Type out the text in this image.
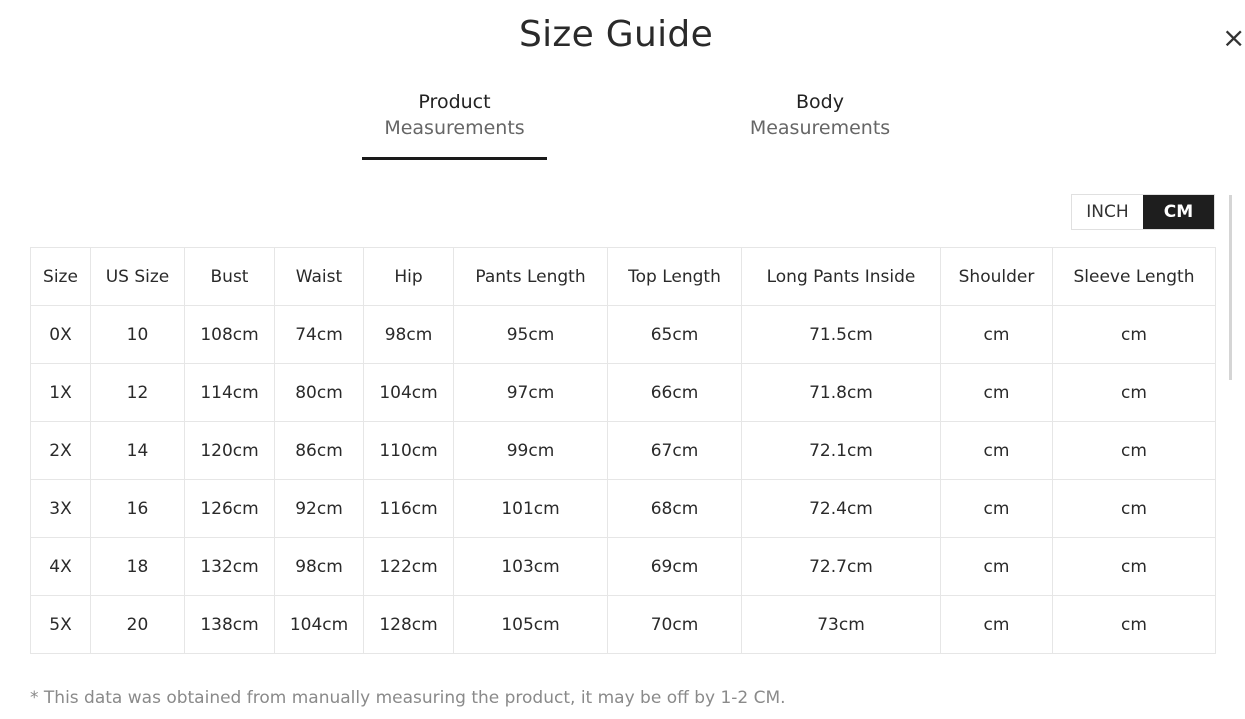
Size Guide	×
Product
Measurements
Body
Measurements
INCH	CM
Size	US Size	Bust	Waist	Hip	Pants Length	Top Length	Long Pants Inside	Shoulder	Sleeve Length
0X	10	108cm	74cm	98cm	95cm	65cm	71.5cm	cm	cm
1X	12	114cm	80cm	104cm	97cm	66cm	71.8cm	cm	cm
2X	14	120cm	86cm	110cm	99cm	67cm	72.1cm	cm	cm
3X	16	126cm	92cm	116cm	101cm	68cm	72.4cm	cm	cm
4X	18	132cm	98cm	122cm	103cm	69cm	72.7cm	cm	cm
5X	20	138cm	104cm	128cm	105cm	70cm	73cm	cm	cm
* This data was obtained from manually measuring the product, it may be off by 1-2 CM.
